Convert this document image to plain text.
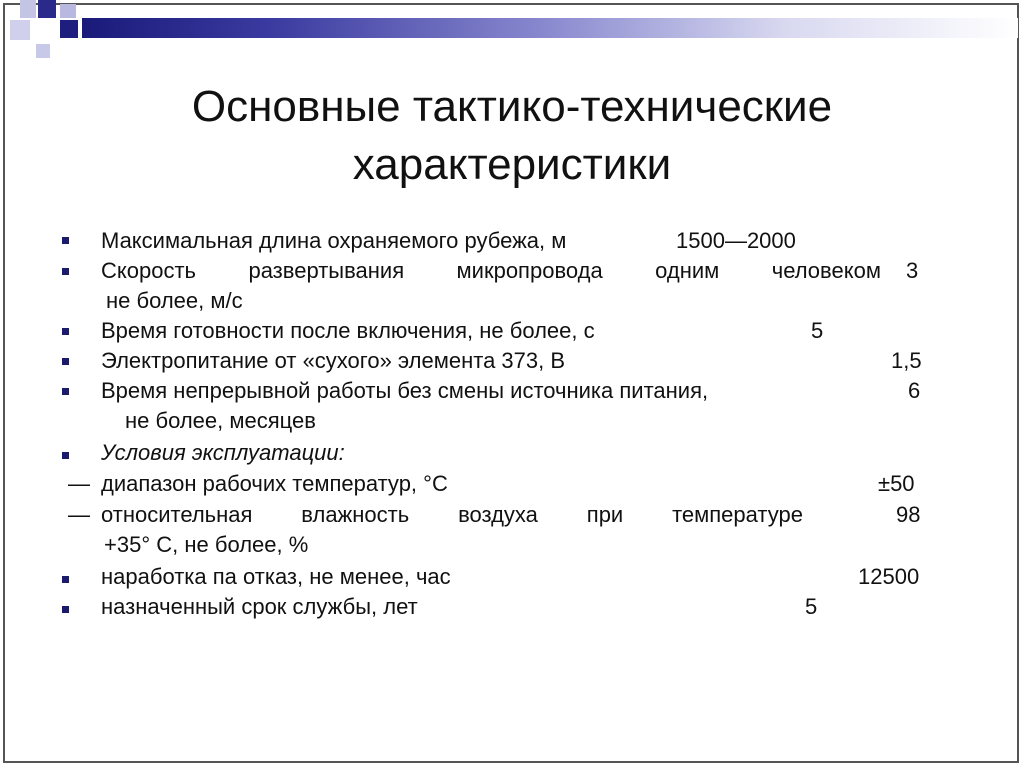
Основные тактико-технические
характеристики
Максимальная длина охраняемого рубежа, м	1500—2000
Скорость развертывания микропровода одним человеком 3
не более, м/с
Время готовности после включения, не более, с	5
Электропитание от «сухого» элемента 373, В	1,5
Время непрерывной работы без смены источника питания,	6
не более, месяцев
Условия эксплуатации:
— диапазон рабочих температур, °С	±50
— относительная влажность воздуха при температуре	98
+35° С, не более, %
наработка па отказ, не менее, час	12500
назначенный срок службы, лет	5
